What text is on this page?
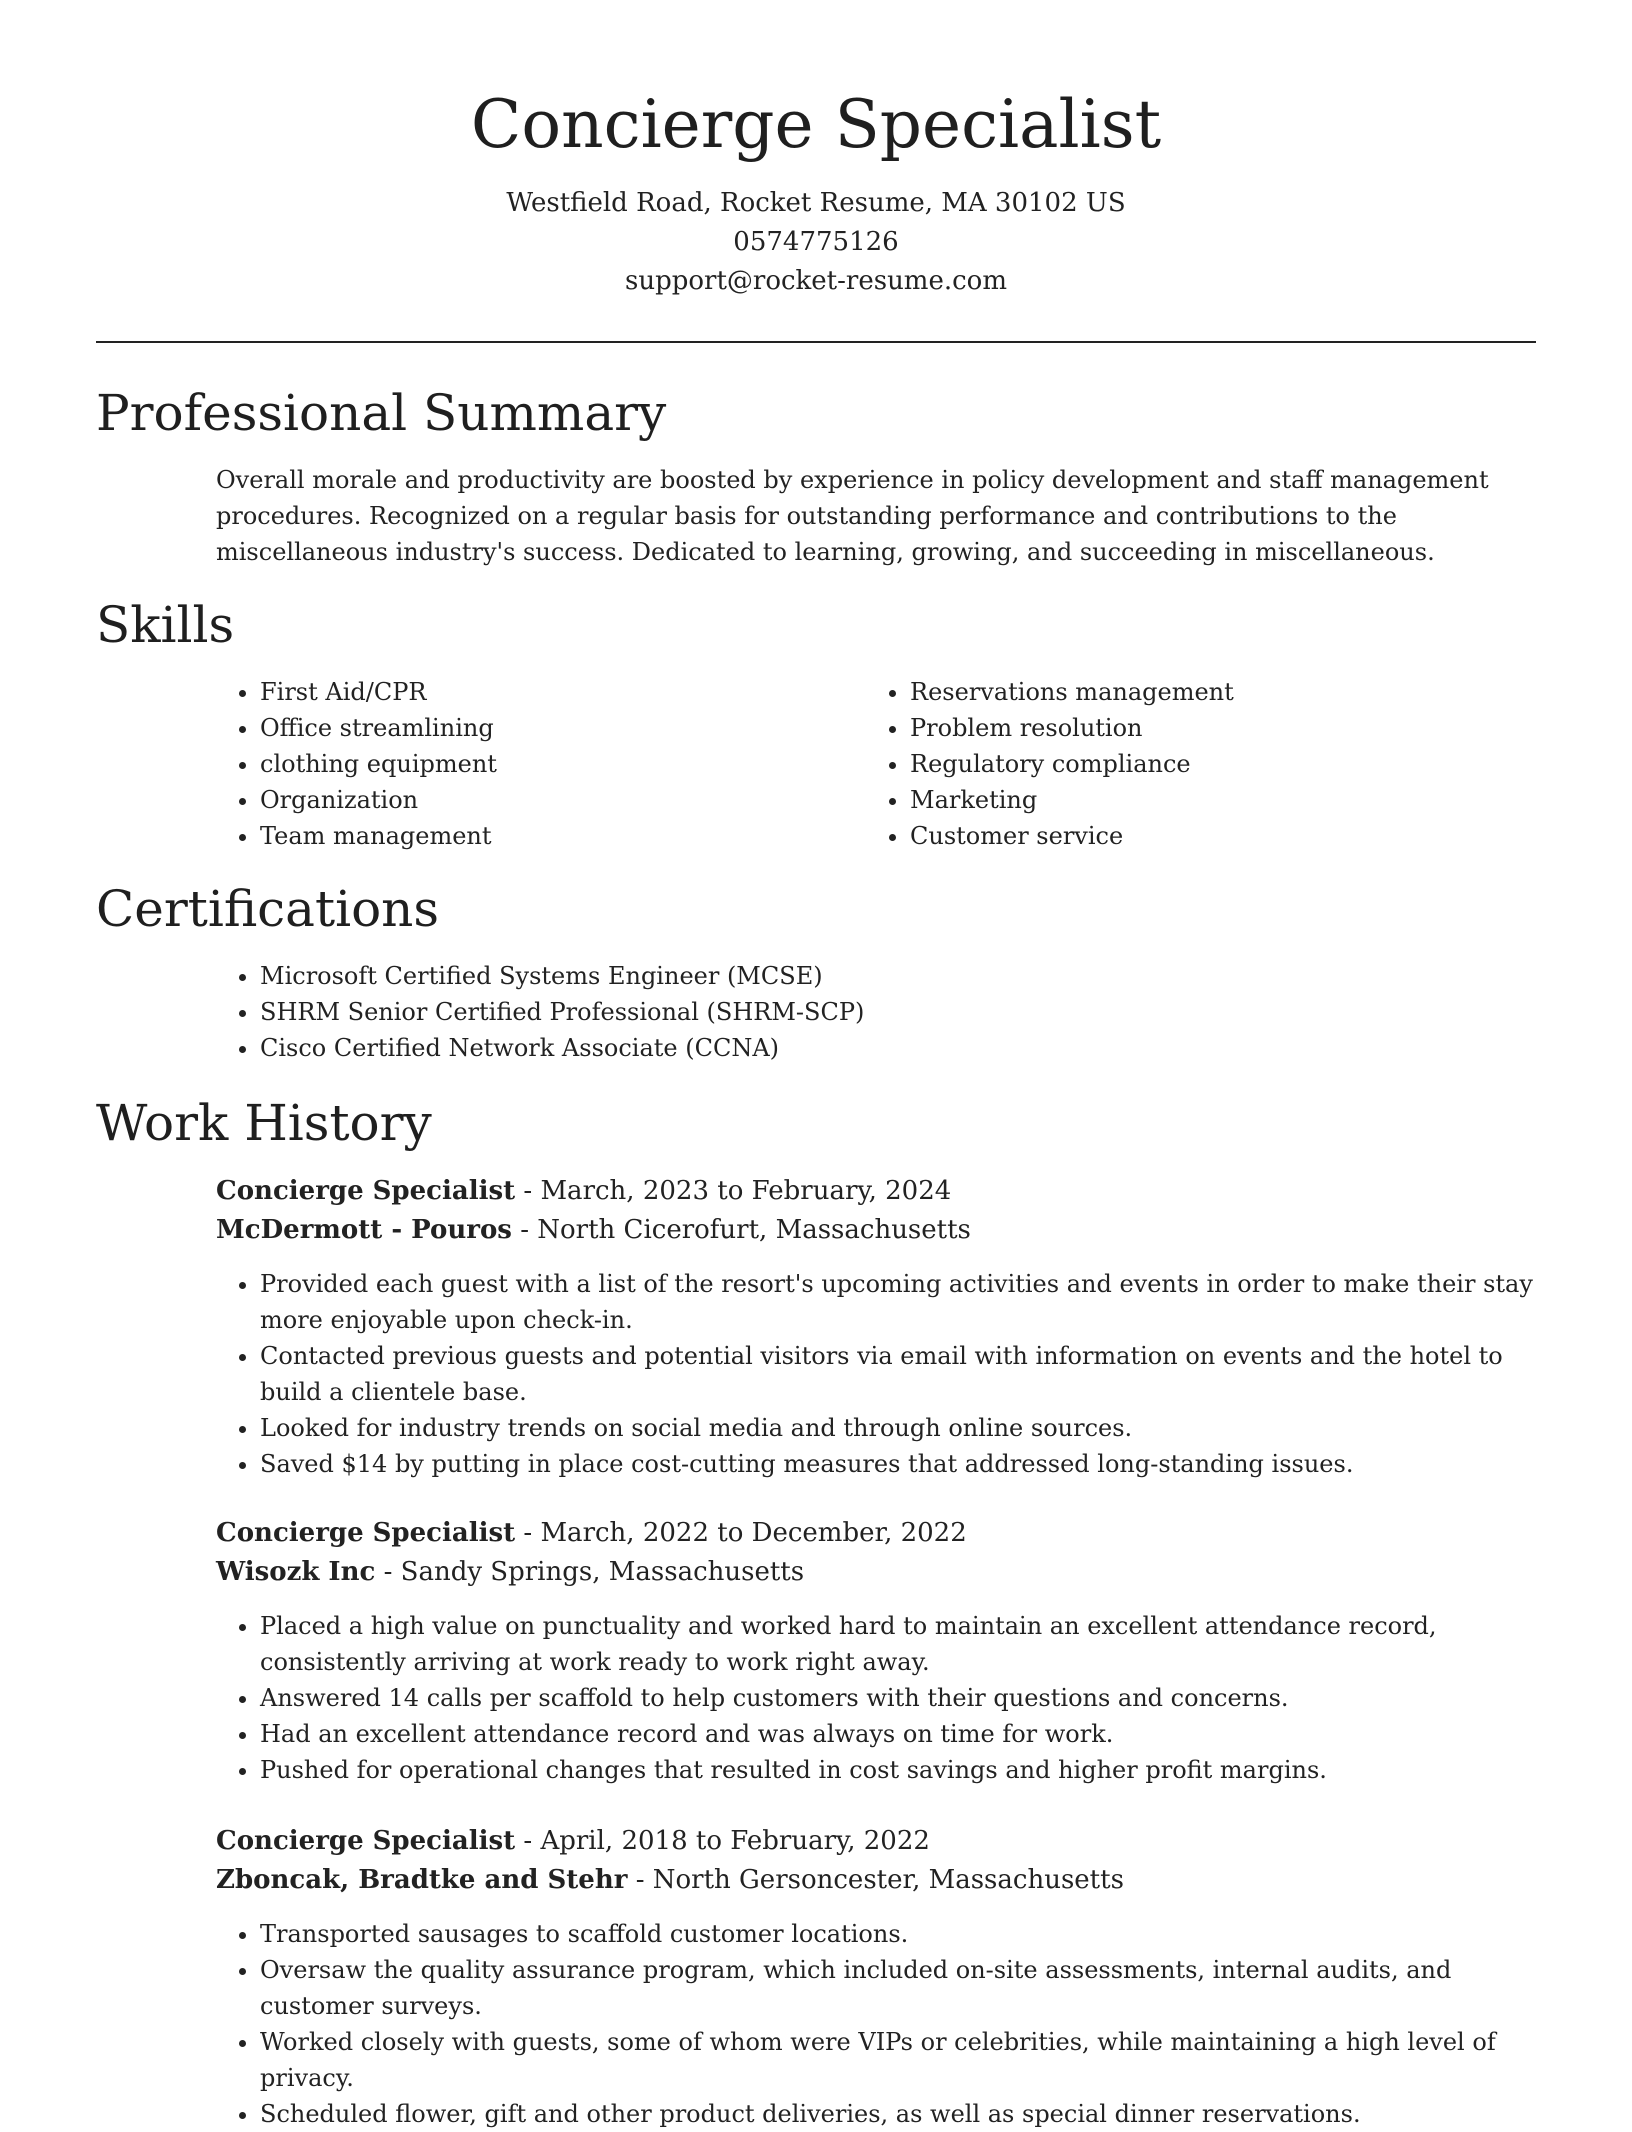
Concierge Specialist

Westfield Road, Rocket Resume, MA 30102 US

0574775126

support@rocket-resume.com

Professional Summary

Overall morale and productivity are boosted by experience in policy development and staff management procedures. Recognized on a regular basis for outstanding performance and contributions to the miscellaneous industry's success. Dedicated to learning, growing, and succeeding in miscellaneous.

Skills
• First Aid/CPR
• Office streamlining
• clothing equipment
• Organization
• Team management
• Reservations management
• Problem resolution
• Regulatory compliance
• Marketing
• Customer service
Certifications
• Microsoft Certified Systems Engineer (MCSE)
• SHRM Senior Certified Professional (SHRM-SCP)
• Cisco Certified Network Associate (CCNA)
Work History

Concierge Specialist - March, 2023 to February, 2024

McDermott - Pouros - North Cicerofurt, Massachusetts

• Provided each guest with a list of the resort's upcoming activities and events in order to make their stay more enjoyable upon check-in.
• Contacted previous guests and potential visitors via email with information on events and the hotel to build a clientele base.
• Looked for industry trends on social media and through online sources.
• Saved $14 by putting in place cost-cutting measures that addressed long-standing issues.

Concierge Specialist - March, 2022 to December, 2022

Wisozk Inc - Sandy Springs, Massachusetts

• Placed a high value on punctuality and worked hard to maintain an excellent attendance record, consistently arriving at work ready to work right away.
• Answered 14 calls per scaffold to help customers with their questions and concerns.
• Had an excellent attendance record and was always on time for work.
• Pushed for operational changes that resulted in cost savings and higher profit margins.

Concierge Specialist - April, 2018 to February, 2022

Zboncak, Bradtke and Stehr - North Gersoncester, Massachusetts

• Transported sausages to scaffold customer locations.
• Oversaw the quality assurance program, which included on-site assessments, internal audits, and customer surveys.
• Worked closely with guests, some of whom were VIPs or celebrities, while maintaining a high level of privacy.
• Scheduled flower, gift and other product deliveries, as well as special dinner reservations.
